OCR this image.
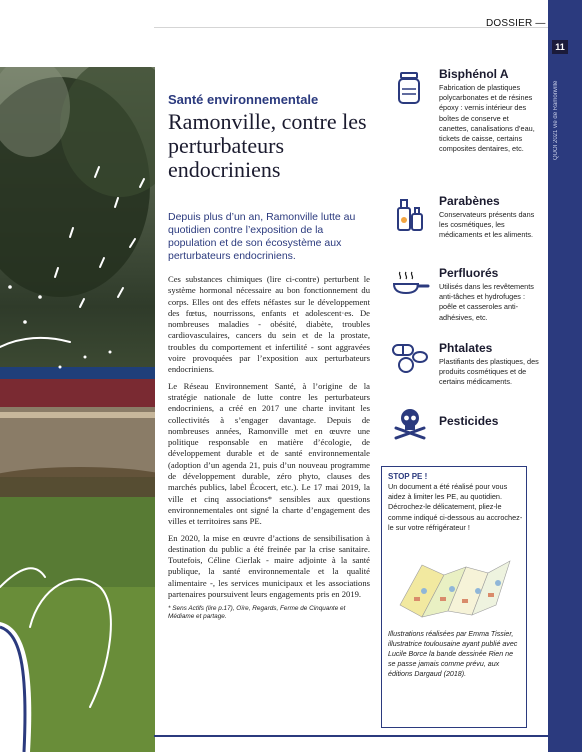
11
QUOI 2021 vie de Ramonville
DOSSIER —
Santé environnementale
Ramonville, contre les perturbateurs endocriniens

Depuis plus d’un an, Ramonville lutte au quotidien contre l’exposition de la population et de son écosystème aux perturbateurs endocriniens.

Ces substances chimiques (lire ci-contre) perturbent le système hormonal nécessaire au bon fonctionnement du corps. Elles ont des effets néfastes sur le développement des fœtus, nourrissons, enfants et adolescent·es. De nombreuses maladies - obésité, diabète, troubles cardiovasculaires, cancers du sein et de la prostate, troubles du comportement et infertilité - sont aggravées voire provoquées par l’exposition aux perturbateurs endocriniens.

Le Réseau Environnement Santé, à l’origine de la stratégie nationale de lutte contre les perturbateurs endocriniens, a créé en 2017 une charte invitant les collectivités à s’engager davantage. Depuis de nombreuses années, Ramonville met en œuvre une politique responsable en matière d’écologie, de développement durable et de santé environnementale (adoption d’un agenda 21, puis d’un nouveau programme de développement durable, zéro phyto, clauses des marchés publics, label Écocert, etc.). Le 17 mai 2019, la ville et cinq associations* sensibles aux questions environnementales ont signé la charte d’engagement des villes et territoires sans PE.

En 2020, la mise en œuvre d’actions de sensibilisation à destination du public a été freinée par la crise sanitaire. Toutefois, Céline Cierlak - maire adjointe à la santé publique, la santé environnementale et la qualité alimentaire -, les services municipaux et les associations partenaires poursuivent leurs engagements pris en 2019.

* Sens Actifs (lire p.17), Oïre, Regards, Ferme de Cinquante et Médiame et partage.

Bisphénol A
Fabrication de plastiques polycarbonates et de résines époxy : vernis intérieur des boîtes de conserve et canettes, canalisations d’eau, tickets de caisse, certains composites dentaires, etc.
Parabènes
Conservateurs présents dans les cosmétiques, les médicaments et les aliments.
Perfluorés
Utilisés dans les revêtements anti-tâches et hydrofuges : poêle et casseroles anti-adhésives, etc.
Phtalates
Plastifiants des plastiques, des produits cosmétiques et de certains médicaments.
Pesticides
STOP PE !
Un document a été réalisé pour vous aidez à limiter les PE, au quotidien. Décrochez-le délicatement, pliez-le comme indiqué ci-dessous au accrochez-le sur votre réfrigérateur !
Illustrations réalisées par Emma Tissier, illustratrice toulousaine ayant publié avec Lucile Borce la bande dessinée Rien ne se passe jamais comme prévu, aux éditions Dargaud (2018).
